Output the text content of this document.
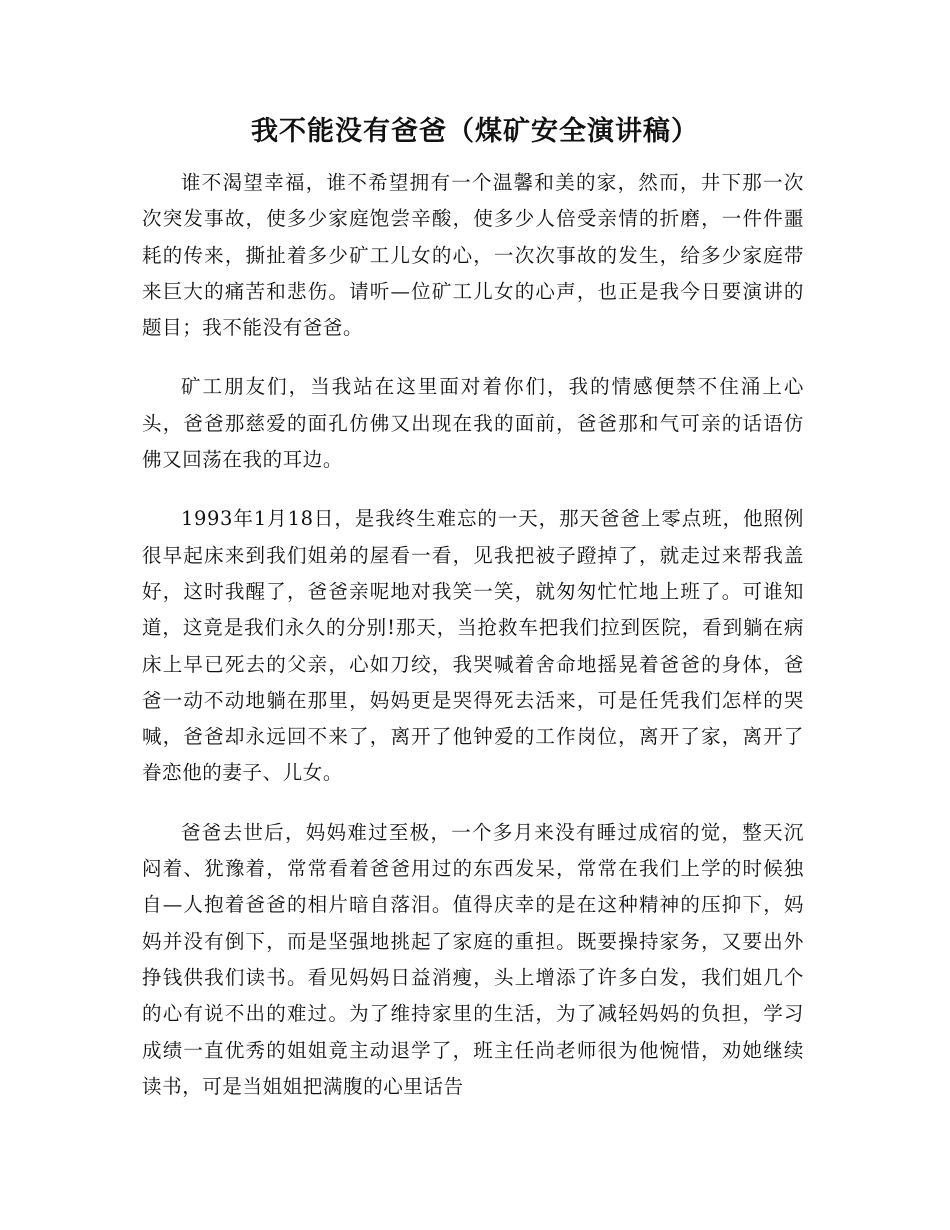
我不能没有爸爸（煤矿安全演讲稿）

谁不渴望幸福，谁不希望拥有一个温馨和美的家，然而，井下那一次次突发事故，使多少家庭饱尝辛酸，使多少人倍受亲情的折磨，一件件噩耗的传来，撕扯着多少矿工儿女的心，一次次事故的发生，给多少家庭带来巨大的痛苦和悲伤。请听—位矿工儿女的心声，也正是我今日要演讲的题目；我不能没有爸爸。

矿工朋友们，当我站在这里面对着你们，我的情感便禁不住涌上心头，爸爸那慈爱的面孔仿佛又出现在我的面前，爸爸那和气可亲的话语仿佛又回荡在我的耳边。

1993年1月18日，是我终生难忘的一天，那天爸爸上零点班，他照例很早起床来到我们姐弟的屋看一看，见我把被子蹬掉了，就走过来帮我盖好，这时我醒了，爸爸亲呢地对我笑一笑，就匆匆忙忙地上班了。可谁知道，这竟是我们永久的分别!那天，当抢救车把我们拉到医院，看到躺在病床上早已死去的父亲，心如刀绞，我哭喊着舍命地摇晃着爸爸的身体，爸爸一动不动地躺在那里，妈妈更是哭得死去活来，可是任凭我们怎样的哭喊，爸爸却永远回不来了，离开了他钟爱的工作岗位，离开了家，离开了眷恋他的妻子、儿女。

爸爸去世后，妈妈难过至极，一个多月来没有睡过成宿的觉，整天沉闷着、犹豫着，常常看着爸爸用过的东西发呆，常常在我们上学的时候独自—人抱着爸爸的相片暗自落泪。值得庆幸的是在这种精神的压抑下，妈妈并没有倒下，而是坚强地挑起了家庭的重担。既要操持家务，又要出外挣钱供我们读书。看见妈妈日益消瘦，头上增添了许多白发，我们姐几个的心有说不出的难过。为了维持家里的生活，为了减轻妈妈的负担，学习成绩一直优秀的姐姐竟主动退学了，班主任尚老师很为他惋惜，劝她继续读书，可是当姐姐把满腹的心里话告
